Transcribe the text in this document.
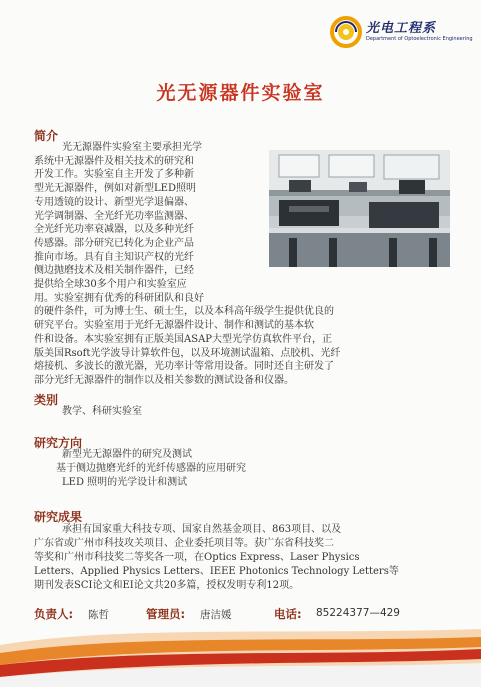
光电工程系
Department of Optoelectronic Engineering
光无源器件实验室
简介
光无源器件实验室主要承担光学
系统中无源器件及相关技术的研究和
开发工作。实验室自主开发了多种新
型光无源器件，例如对新型LED照明
专用透镜的设计、新型光学退偏器、
光学调制器、全光纤光功率监测器、
全光纤光功率衰减器，以及多种光纤
传感器。部分研究已转化为企业产品
推向市场。具有自主知识产权的光纤
侧边抛磨技术及相关制作器件，已经
提供给全球30多个用户和实验室应
用。实验室拥有优秀的科研团队和良好
的硬件条件，可为博士生、硕士生，以及本科高年级学生提供优良的
研究平台。实验室用于光纤无源器件设计、制作和测试的基本软
件和设备。本实验室拥有正版美国ASAP大型光学仿真软件平台，正
版美国Rsoft光学波导计算软件包，以及环境测试温箱、点胶机、光纤
熔接机、多波长的激光器，光功率计等常用设备。同时还自主研发了
部分光纤无源器件的制作以及相关参数的测试设备和仪器。
类别
教学、科研实验室
研究方向
新型光无源器件的研究及测试
基于侧边抛磨光纤的光纤传感器的应用研究
LED 照明的光学设计和测试
研究成果
承担有国家重大科技专项、国家自然基金项目、863项目、以及
广东省或广州市科技攻关项目、企业委托项目等。获广东省科技奖二
等奖和广州市科技奖二等奖各一项，在Optics Express、Laser Physics
Letters、Applied Physics Letters、IEEE Photonics Technology Letters等
期刊发表SCI论文和EI论文共20多篇，授权发明专利12项。
负责人: 陈哲	管理员: 唐洁媛	电话: 85224377—429
